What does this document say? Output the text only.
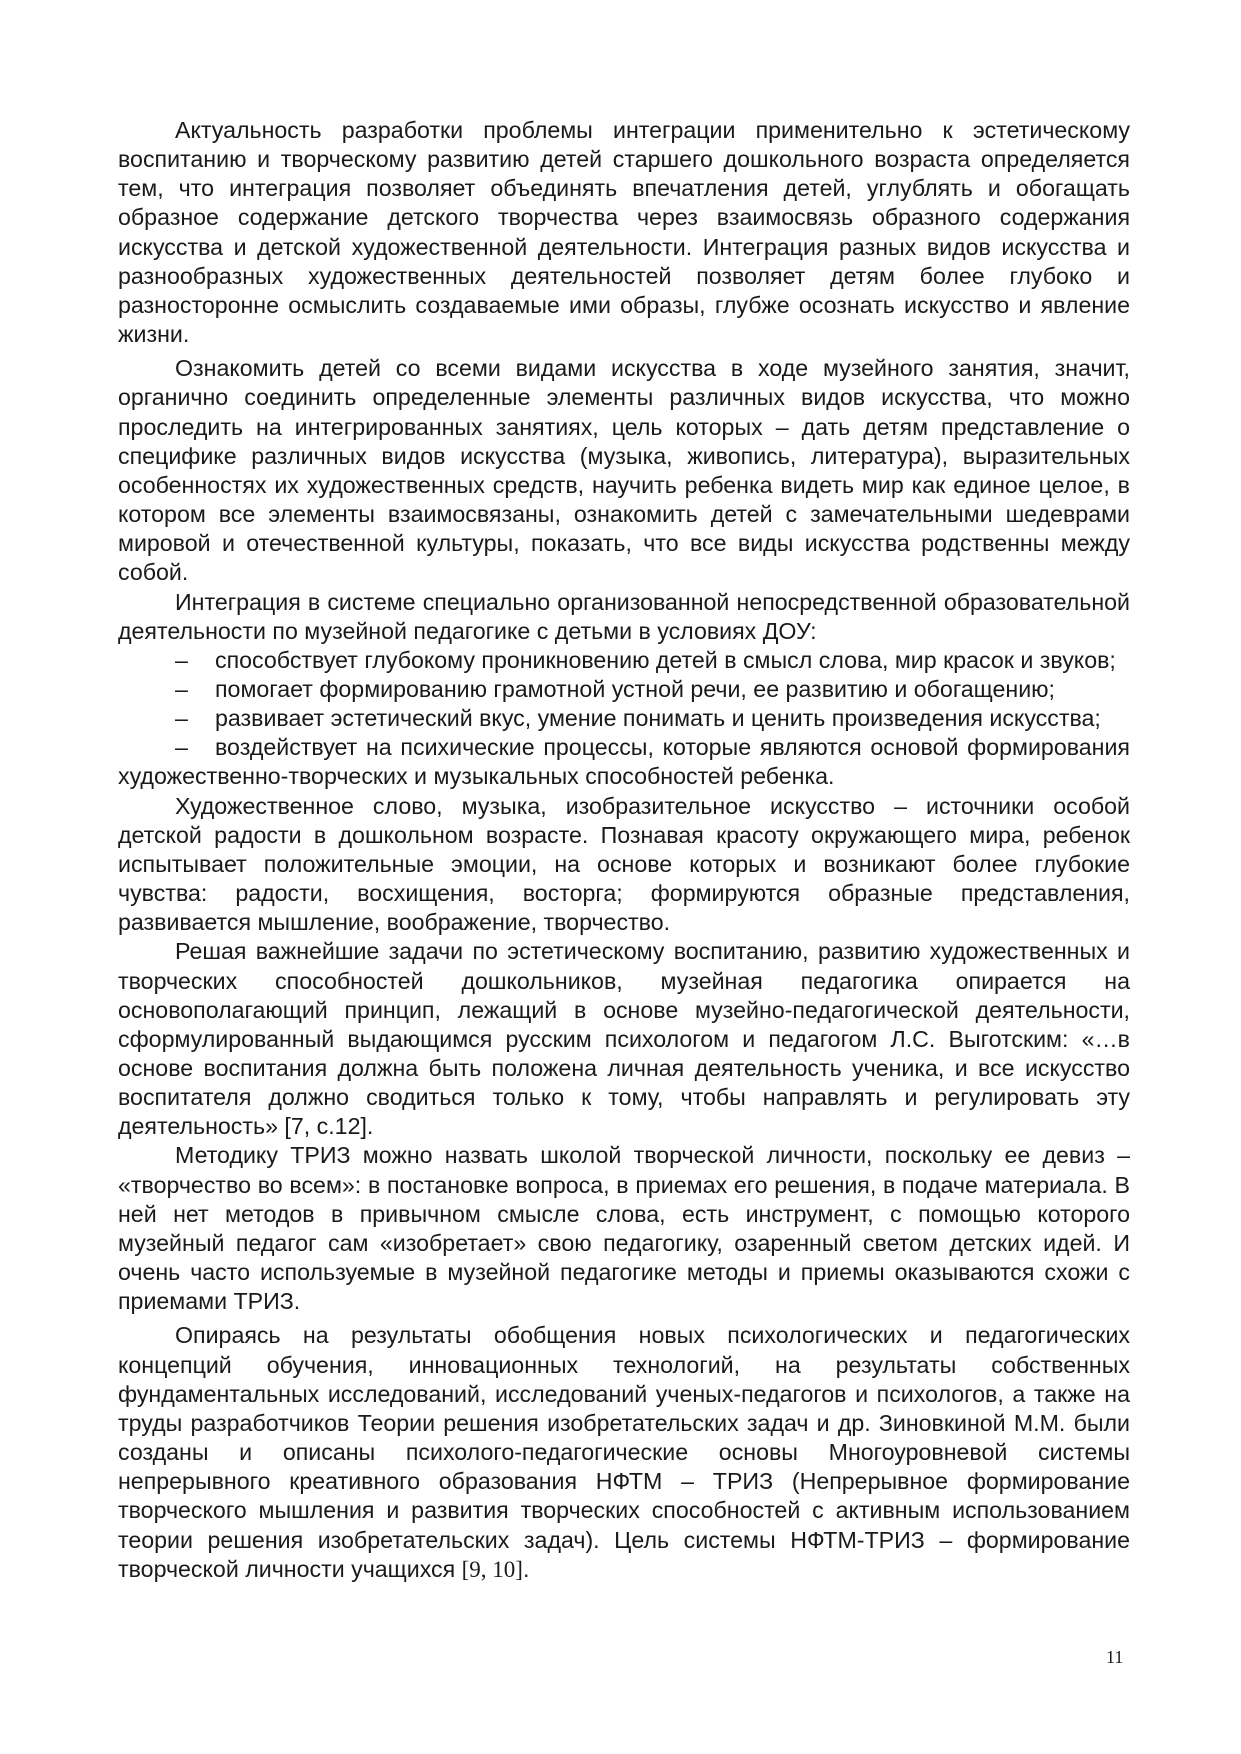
Актуальность разработки проблемы интеграции применительно к эстетическому воспитанию и творческому развитию детей старшего дошкольного возраста определяется тем, что интеграция позволяет объединять впечатления детей, углублять и обогащать образное содержание детского творчества через взаимосвязь образного содержания искусства и детской художественной деятельности. Интеграция разных видов искусства и разнообразных художественных деятельностей позволяет детям более глубоко и разносторонне осмыслить создаваемые ими образы, глубже осознать искусство и явление жизни.

Ознакомить детей со всеми видами искусства в ходе музейного занятия, значит, органично соединить определенные элементы различных видов искусства, что можно проследить на интегрированных занятиях, цель которых – дать детям представление о специфике различных видов искусства (музыка, живопись, литература), выразительных особенностях их художественных средств, научить ребенка видеть мир как единое целое, в котором все элементы взаимосвязаны, ознакомить детей с замечательными шедеврами мировой и отечественной культуры, показать, что все виды искусства родственны между собой.

Интеграция в системе специально организованной непосредственной образовательной деятельности по музейной педагогике с детьми в условиях ДОУ:

– способствует глубокому проникновению детей в смысл слова, мир красок и звуков;

– помогает формированию грамотной устной речи, ее развитию и обогащению;

– развивает эстетический вкус, умение понимать и ценить произведения искусства;

– воздействует на психические процессы, которые являются основой формирования художественно-творческих и музыкальных способностей ребенка.

Художественное слово, музыка, изобразительное искусство – источники особой детской радости в дошкольном возрасте. Познавая красоту окружающего мира, ребенок испытывает положительные эмоции, на основе которых и возникают более глубокие чувства: радости, восхищения, восторга; формируются образные представления, развивается мышление, воображение, творчество.

Решая важнейшие задачи по эстетическому воспитанию, развитию художественных и творческих способностей дошкольников, музейная педагогика опирается на основополагающий принцип, лежащий в основе музейно-педагогической деятельности, сформулированный выдающимся русским психологом и педагогом Л.С. Выготским: «…в основе воспитания должна быть положена личная деятельность ученика, и все искусство воспитателя должно сводиться только к тому, чтобы направлять и регулировать эту деятельность» [7, с.12].

Методику ТРИЗ можно назвать школой творческой личности, поскольку ее девиз – «творчество во всем»: в постановке вопроса, в приемах его решения, в подаче материала. В ней нет методов в привычном смысле слова, есть инструмент, с помощью которого музейный педагог сам «изобретает» свою педагогику, озаренный светом детских идей. И очень часто используемые в музейной педагогике методы и приемы оказываются схожи с приемами ТРИЗ.

Опираясь на результаты обобщения новых психологических и педагогических концепций обучения, инновационных технологий, на результаты собственных фундаментальных исследований, исследований ученых-педагогов и психологов, а также на труды разработчиков Теории решения изобретательских задач и др. Зиновкиной М.М. были созданы и описаны психолого-педагогические основы Многоуровневой системы непрерывного креативного образования НФТМ – ТРИЗ (Непрерывное формирование творческого мышления и развития творческих способностей с активным использованием теории решения изобретательских задач). Цель системы НФТМ-ТРИЗ – формирование творческой личности учащихся [9, 10].

11
